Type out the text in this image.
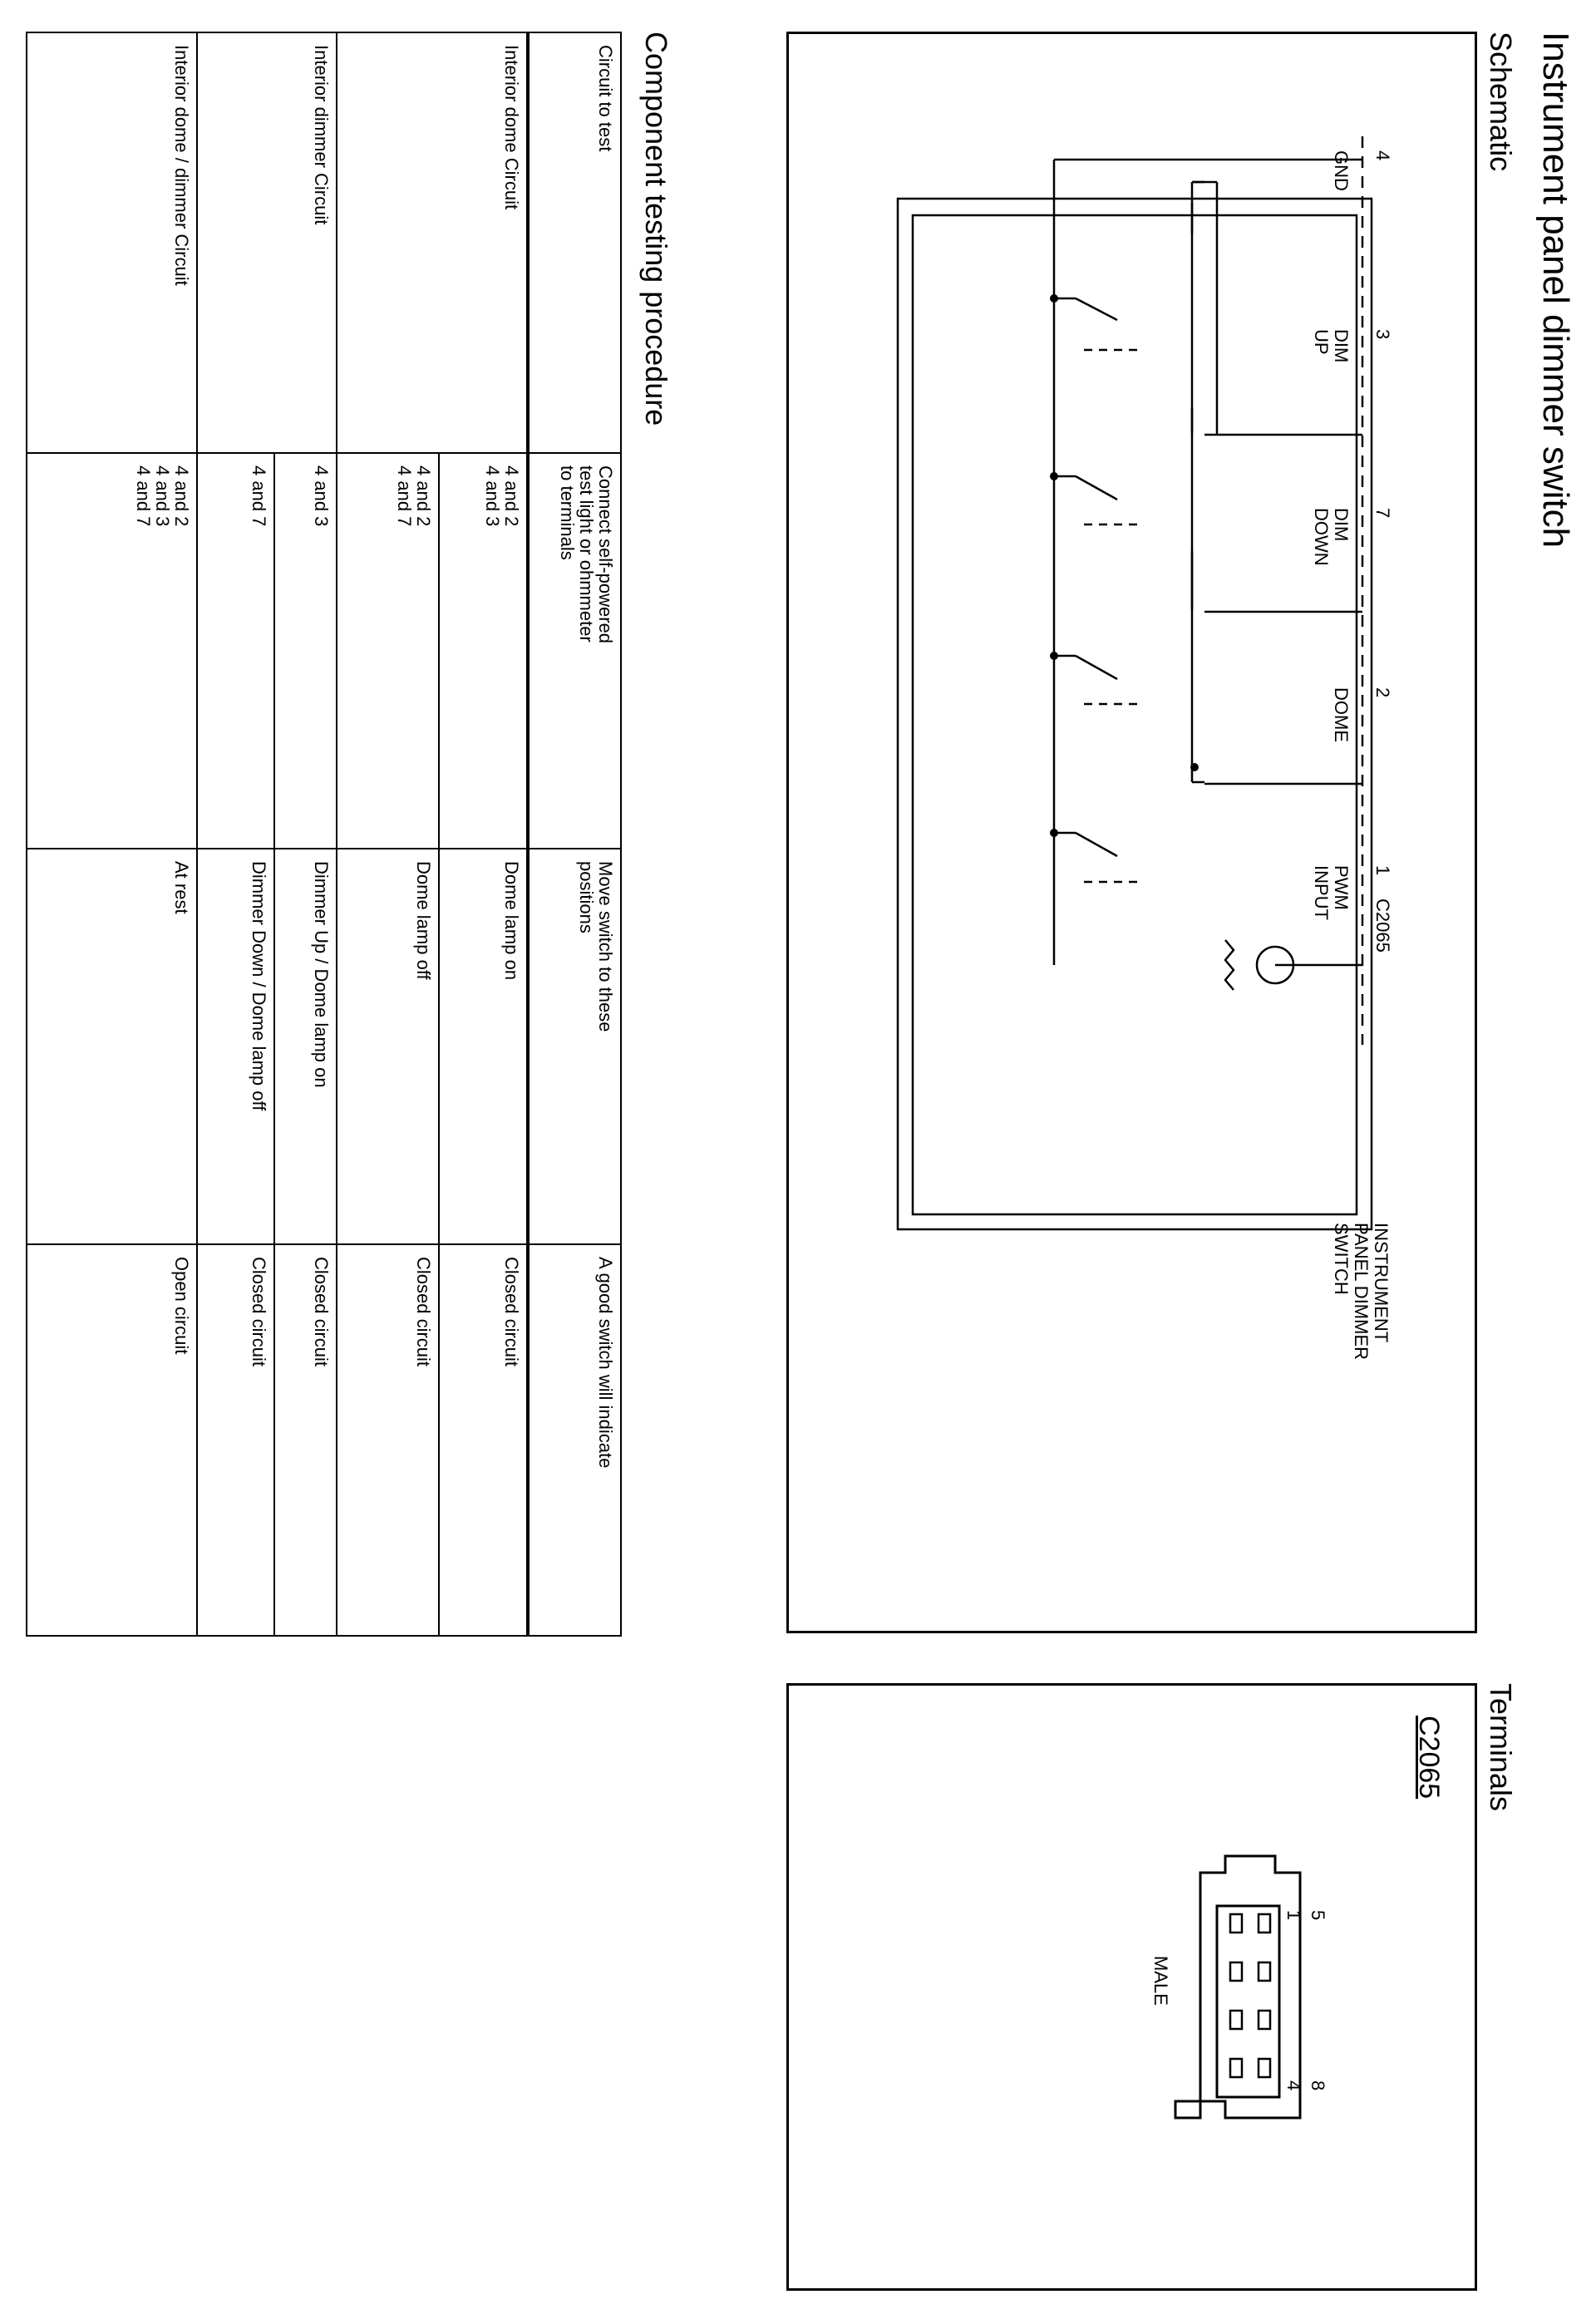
Instrument panel dimmer switch
Schematic
4
3
7
2
1
C2065
GND
DIM
UP
DIM
DOWN
DOME
PWM
INPUT
INSTRUMENT
PANEL DIMMER
SWITCH
Terminals
C2065
1 5
4 8
MALE
Component testing procedure
Circuit to test	Connect self-powered
test light or ohmmeter
to terminals	Move switch to these
positions	A good switch will indicate
Interior dome Circuit	4 and 2
4 and 3	Dome lamp on	Closed circuit

	4 and 2
4 and 7	Dome lamp off	Closed circuit
Interior dimmer Circuit	4 and 3	Dimmer Up / Dome lamp on	Closed circuit

	4 and 7	Dimmer Down / Dome lamp off	Closed circuit
Interior dome / dimmer Circuit	4 and 2
4 and 3
4 and 7	At rest	Open circuit
